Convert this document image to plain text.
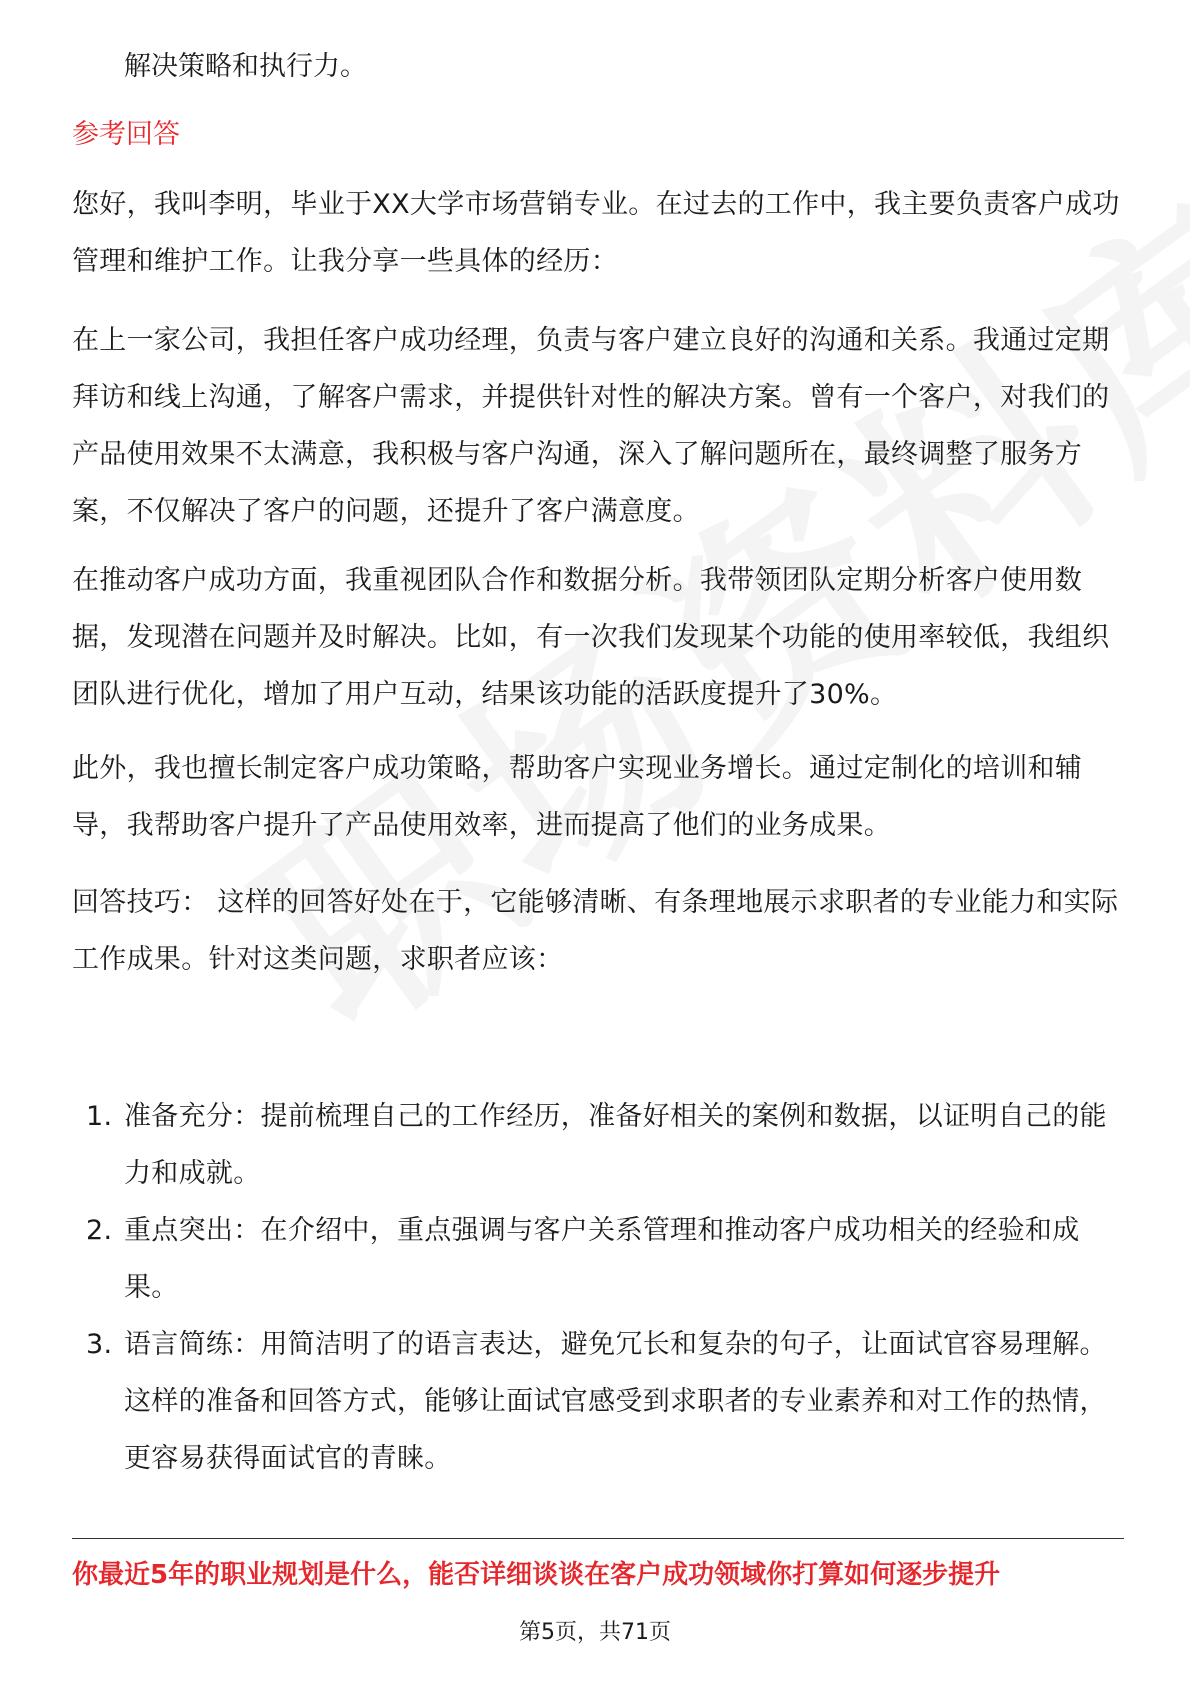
解决策略和执行力。

参考回答

您好，我叫李明，毕业于XX大学市场营销专业。在过去的工作中，我主要负责客户成功管理和维护工作。让我分享一些具体的经历：

在上一家公司，我担任客户成功经理，负责与客户建立良好的沟通和关系。我通过定期拜访和线上沟通，了解客户需求，并提供针对性的解决方案。曾有一个客户，对我们的产品使用效果不太满意，我积极与客户沟通，深入了解问题所在，最终调整了服务方案，不仅解决了客户的问题，还提升了客户满意度。

在推动客户成功方面，我重视团队合作和数据分析。我带领团队定期分析客户使用数据，发现潜在问题并及时解决。比如，有一次我们发现某个功能的使用率较低，我组织团队进行优化，增加了用户互动，结果该功能的活跃度提升了30%。

此外，我也擅长制定客户成功策略，帮助客户实现业务增长。通过定制化的培训和辅导，我帮助客户提升了产品使用效率，进而提高了他们的业务成果。

回答技巧： 这样的回答好处在于，它能够清晰、有条理地展示求职者的专业能力和实际工作成果。针对这类问题，求职者应该：

1. 准备充分：提前梳理自己的工作经历，准备好相关的案例和数据，以证明自己的能力和成就。
2. 重点突出：在介绍中，重点强调与客户关系管理和推动客户成功相关的经验和成果。
3. 语言简练：用简洁明了的语言表达，避免冗长和复杂的句子，让面试官容易理解。 这样的准备和回答方式，能够让面试官感受到求职者的专业素养和对工作的热情，更容易获得面试官的青睐。

你最近5年的职业规划是什么，能否详细谈谈在客户成功领域你打算如何逐步提升

第5页，共71页
